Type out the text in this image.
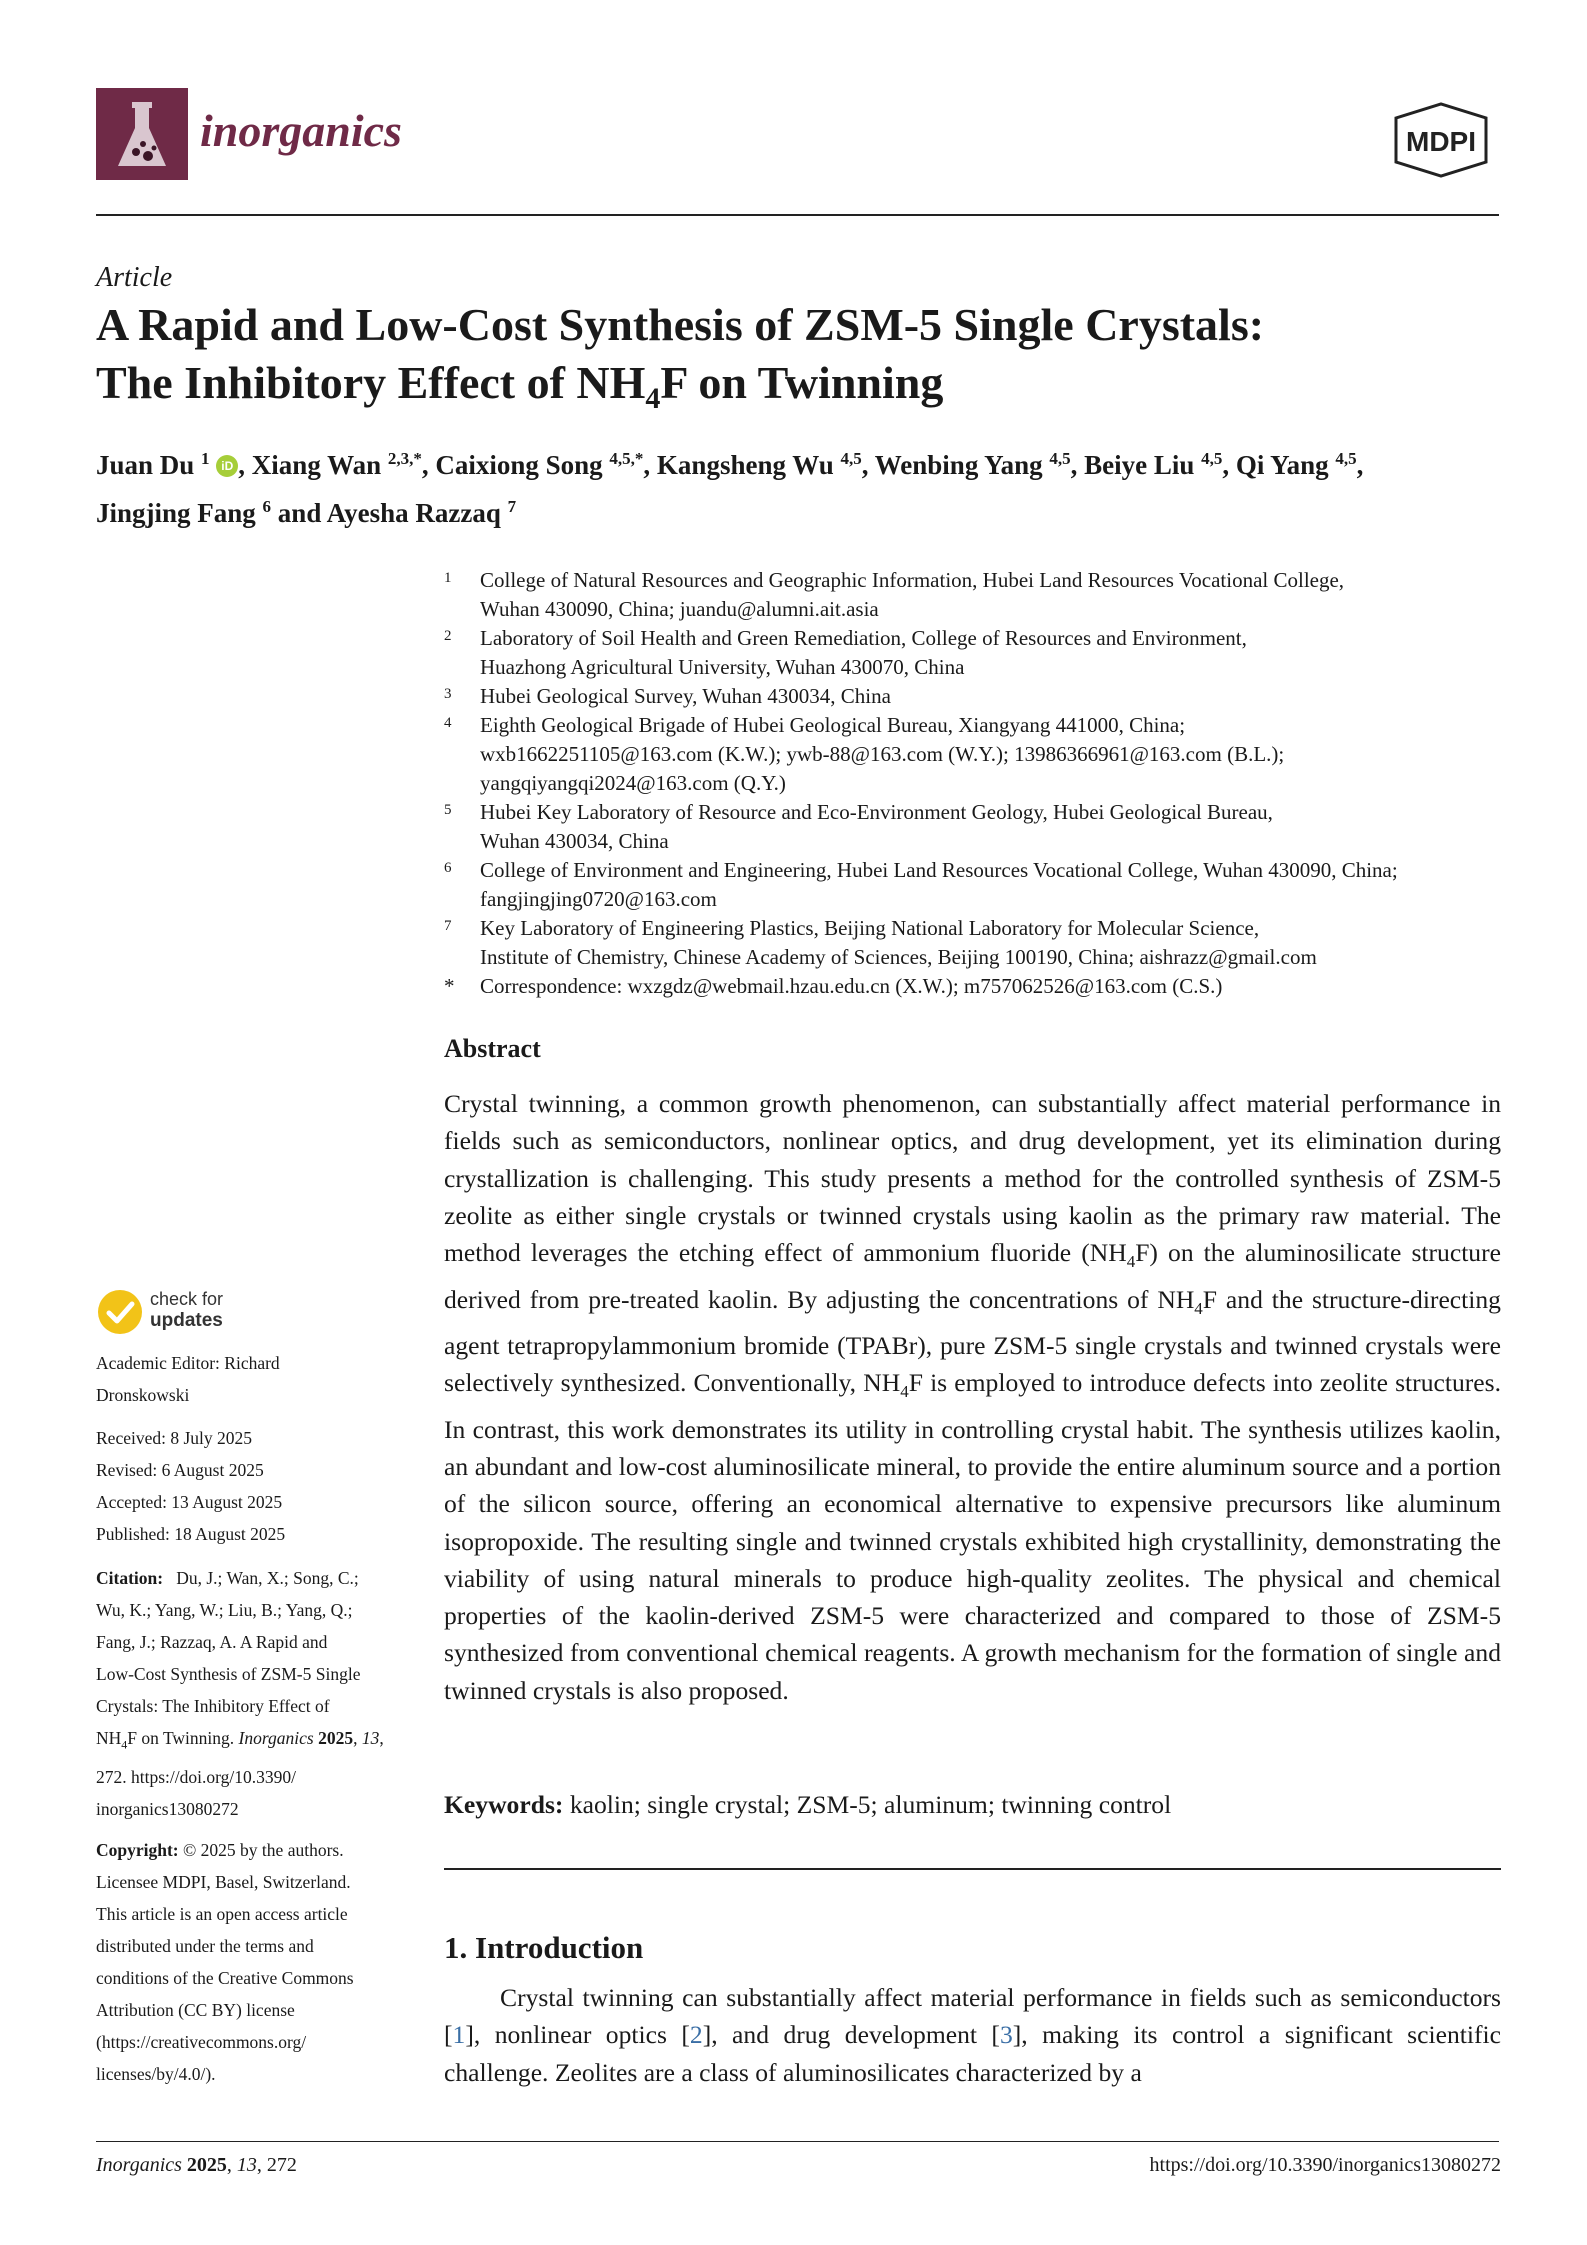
inorganics	MDPI
Article
A Rapid and Low-Cost Synthesis of ZSM-5 Single Crystals:
The Inhibitory Effect of $NH_4F$ on Twinning
Juan Du $^1$ iD , Xiang Wan $^{2,3,*}$, Caixiong Song $^{4,5,*}$, Kangsheng Wu $^{4,5}$, Wenbing Yang $^{4,5}$, Beiye Liu $^{4,5}$, Qi Yang $^{4,5}$,
Jingjing Fang $^6$ and Ayesha Razzaq $^7$
1	College of Natural Resources and Geographic Information, Hubei Land Resources Vocational College,
Wuhan 430090, China; juandu@alumni.ait.asia
2	Laboratory of Soil Health and Green Remediation, College of Resources and Environment,
Huazhong Agricultural University, Wuhan 430070, China
3	Hubei Geological Survey, Wuhan 430034, China
4	Eighth Geological Brigade of Hubei Geological Bureau, Xiangyang 441000, China;
wxb1662251105@163.com (K.W.); ywb-88@163.com (W.Y.); 13986366961@163.com (B.L.);
yangqiyangqi2024@163.com (Q.Y.)
5	Hubei Key Laboratory of Resource and Eco-Environment Geology, Hubei Geological Bureau,
Wuhan 430034, China
6	College of Environment and Engineering, Hubei Land Resources Vocational College, Wuhan 430090, China;
fangjingjing0720@163.com
7	Key Laboratory of Engineering Plastics, Beijing National Laboratory for Molecular Science,
Institute of Chemistry, Chinese Academy of Sciences, Beijing 100190, China; aishrazz@gmail.com
*	Correspondence: wxzgdz@webmail.hzau.edu.cn (X.W.); m757062526@163.com (C.S.)
Abstract
Crystal twinning, a common growth phenomenon, can substantially affect material performance in fields such as semiconductors, nonlinear optics, and drug development, yet its elimination during crystallization is challenging. This study presents a method for the controlled synthesis of ZSM-5 zeolite as either single crystals or twinned crystals using kaolin as the primary raw material. The method leverages the etching effect of ammonium fluoride $(NH_4F)$ on the aluminosilicate structure derived from pre-treated kaolin. By adjusting the concentrations of $NH_4F$ and the structure-directing agent tetrapropylammonium bromide (TPABr), pure ZSM-5 single crystals and twinned crystals were selectively synthesized. Conventionally, $NH_4F$ is employed to introduce defects into zeolite structures. In contrast, this work demonstrates its utility in controlling crystal habit. The synthesis utilizes kaolin, an abundant and low-cost aluminosilicate mineral, to provide the entire aluminum source and a portion of the silicon source, offering an economical alternative to expensive precursors like aluminum isopropoxide. The resulting single and twinned crystals exhibited high crystallinity, demonstrating the viability of using natural minerals to produce high-quality zeolites. The physical and chemical properties of the kaolin-derived ZSM-5 were characterized and compared to those of ZSM-5 synthesized from conventional chemical reagents. A growth mechanism for the formation of single and twinned crystals is also proposed.
Keywords: kaolin; single crystal; ZSM-5; aluminum; twinning control
1. Introduction
Crystal twinning can substantially affect material performance in fields such as semiconductors [1], nonlinear optics [2], and drug development [3], making its control a significant scientific challenge. Zeolites are a class of aluminosilicates characterized by a
check for
updates
Academic Editor: Richard
Dronskowski
Received: 8 July 2025
Revised: 6 August 2025
Accepted: 13 August 2025
Published: 18 August 2025
Citation: Du, J.; Wan, X.; Song, C.;
Wu, K.; Yang, W.; Liu, B.; Yang, Q.;
Fang, J.; Razzaq, A. A Rapid and
Low-Cost Synthesis of ZSM-5 Single
Crystals: The Inhibitory Effect of
$NH_4F$ on Twinning. Inorganics 2025, 13,
272. https://doi.org/10.3390/
inorganics13080272
Copyright: © 2025 by the authors.
Licensee MDPI, Basel, Switzerland.
This article is an open access article
distributed under the terms and
conditions of the Creative Commons
Attribution (CC BY) license
(https://creativecommons.org/
licenses/by/4.0/).
Inorganics 2025, 13, 272	https://doi.org/10.3390/inorganics13080272
